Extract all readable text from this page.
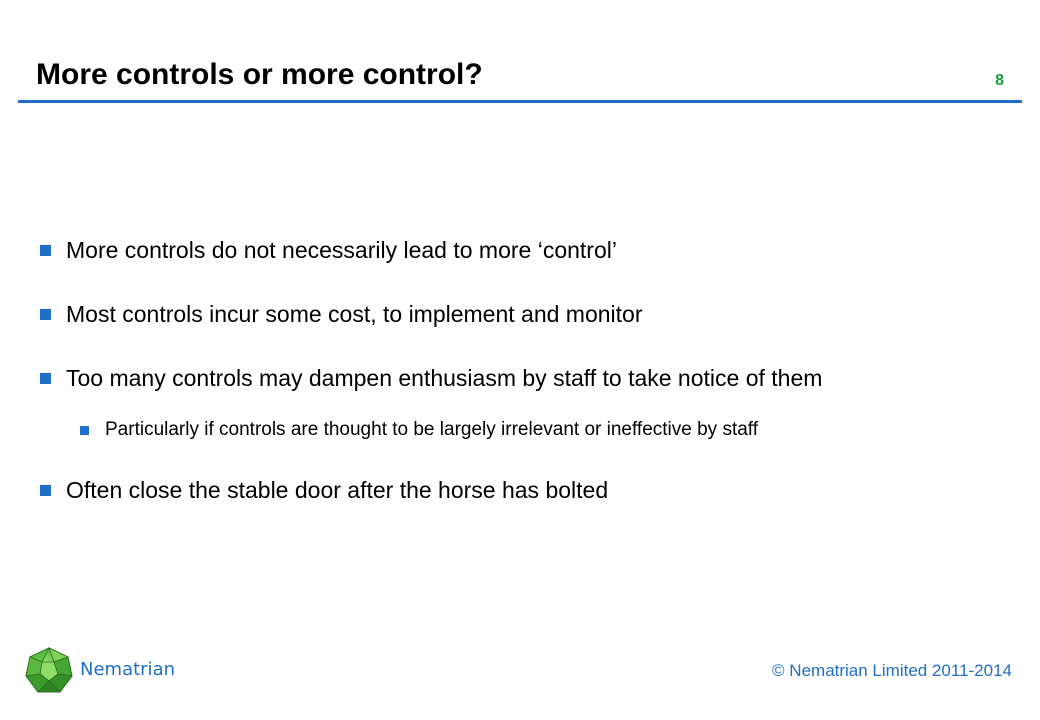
More controls or more control?	8
More controls do not necessarily lead to more ‘control’
Most controls incur some cost, to implement and monitor
Too many controls may dampen enthusiasm by staff to take notice of them
Particularly if controls are thought to be largely irrelevant or ineffective by staff
Often close the stable door after the horse has bolted
Nematrian	© Nematrian Limited 2011-2014
